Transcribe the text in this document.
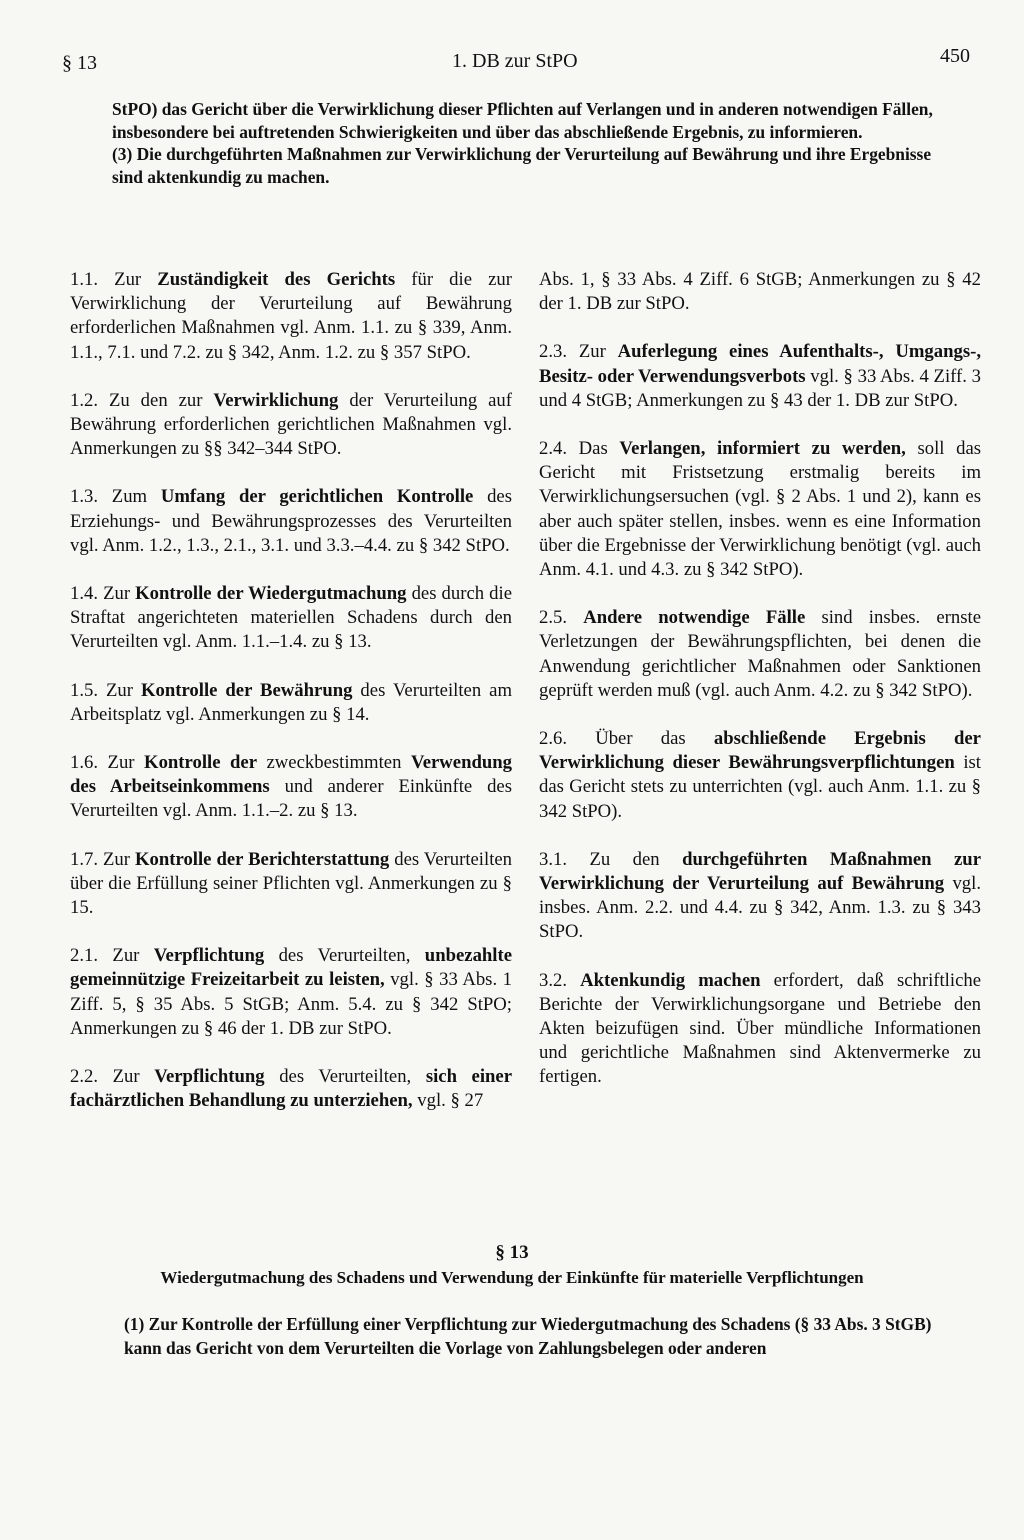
§ 13	1. DB zur StPO	450

StPO) das Gericht über die Verwirklichung dieser Pflichten auf Verlangen und in anderen notwendigen Fällen, insbesondere bei auftretenden Schwierigkeiten und über das abschließende Ergebnis, zu informieren.

(3) Die durchgeführten Maßnahmen zur Verwirklichung der Verurteilung auf Bewährung und ihre Ergebnisse sind aktenkundig zu machen.

1.1. Zur Zuständigkeit des Gerichts für die zur Verwirklichung der Verurteilung auf Bewährung erforderlichen Maßnahmen vgl. Anm. 1.1. zu § 339, Anm. 1.1., 7.1. und 7.2. zu § 342, Anm. 1.2. zu § 357 StPO.

1.2. Zu den zur Verwirklichung der Verurteilung auf Bewährung erforderlichen gerichtlichen Maßnahmen vgl. Anmerkungen zu §§ 342–344 StPO.

1.3. Zum Umfang der gerichtlichen Kontrolle des Erziehungs- und Bewährungsprozesses des Verurteilten vgl. Anm. 1.2., 1.3., 2.1., 3.1. und 3.3.–4.4. zu § 342 StPO.

1.4. Zur Kontrolle der Wiedergutmachung des durch die Straftat angerichteten materiellen Schadens durch den Verurteilten vgl. Anm. 1.1.–1.4. zu § 13.

1.5. Zur Kontrolle der Bewährung des Verurteilten am Arbeitsplatz vgl. Anmerkungen zu § 14.

1.6. Zur Kontrolle der zweckbestimmten Verwendung des Arbeitseinkommens und anderer Einkünfte des Verurteilten vgl. Anm. 1.1.–2. zu § 13.

1.7. Zur Kontrolle der Berichterstattung des Verurteilten über die Erfüllung seiner Pflichten vgl. Anmerkungen zu § 15.

2.1. Zur Verpflichtung des Verurteilten, unbezahlte gemeinnützige Freizeitarbeit zu leisten, vgl. § 33 Abs. 1 Ziff. 5, § 35 Abs. 5 StGB; Anm. 5.4. zu § 342 StPO; Anmerkungen zu § 46 der 1. DB zur StPO.

2.2. Zur Verpflichtung des Verurteilten, sich einer fachärztlichen Behandlung zu unterziehen, vgl. § 27

Abs. 1, § 33 Abs. 4 Ziff. 6 StGB; Anmerkungen zu § 42 der 1. DB zur StPO.

2.3. Zur Auferlegung eines Aufenthalts-, Umgangs-, Besitz- oder Verwendungsverbots vgl. § 33 Abs. 4 Ziff. 3 und 4 StGB; Anmerkungen zu § 43 der 1. DB zur StPO.

2.4. Das Verlangen, informiert zu werden, soll das Gericht mit Fristsetzung erstmalig bereits im Verwirklichungsersuchen (vgl. § 2 Abs. 1 und 2), kann es aber auch später stellen, insbes. wenn es eine Information über die Ergebnisse der Verwirklichung benötigt (vgl. auch Anm. 4.1. und 4.3. zu § 342 StPO).

2.5. Andere notwendige Fälle sind insbes. ernste Verletzungen der Bewährungspflichten, bei denen die Anwendung gerichtlicher Maßnahmen oder Sanktionen geprüft werden muß (vgl. auch Anm. 4.2. zu § 342 StPO).

2.6. Über das abschließende Ergebnis der Verwirklichung dieser Bewährungsverpflichtungen ist das Gericht stets zu unterrichten (vgl. auch Anm. 1.1. zu § 342 StPO).

3.1. Zu den durchgeführten Maßnahmen zur Verwirklichung der Verurteilung auf Bewährung vgl. insbes. Anm. 2.2. und 4.4. zu § 342, Anm. 1.3. zu § 343 StPO.

3.2. Aktenkundig machen erfordert, daß schriftliche Berichte der Verwirklichungsorgane und Betriebe den Akten beizufügen sind. Über mündliche Informationen und gerichtliche Maßnahmen sind Aktenvermerke zu fertigen.

§ 13
Wiedergutmachung des Schadens und Verwendung der Einkünfte für materielle Verpflichtungen

(1) Zur Kontrolle der Erfüllung einer Verpflichtung zur Wiedergutmachung des Schadens (§ 33 Abs. 3 StGB) kann das Gericht von dem Verurteilten die Vorlage von Zahlungsbelegen oder anderen
